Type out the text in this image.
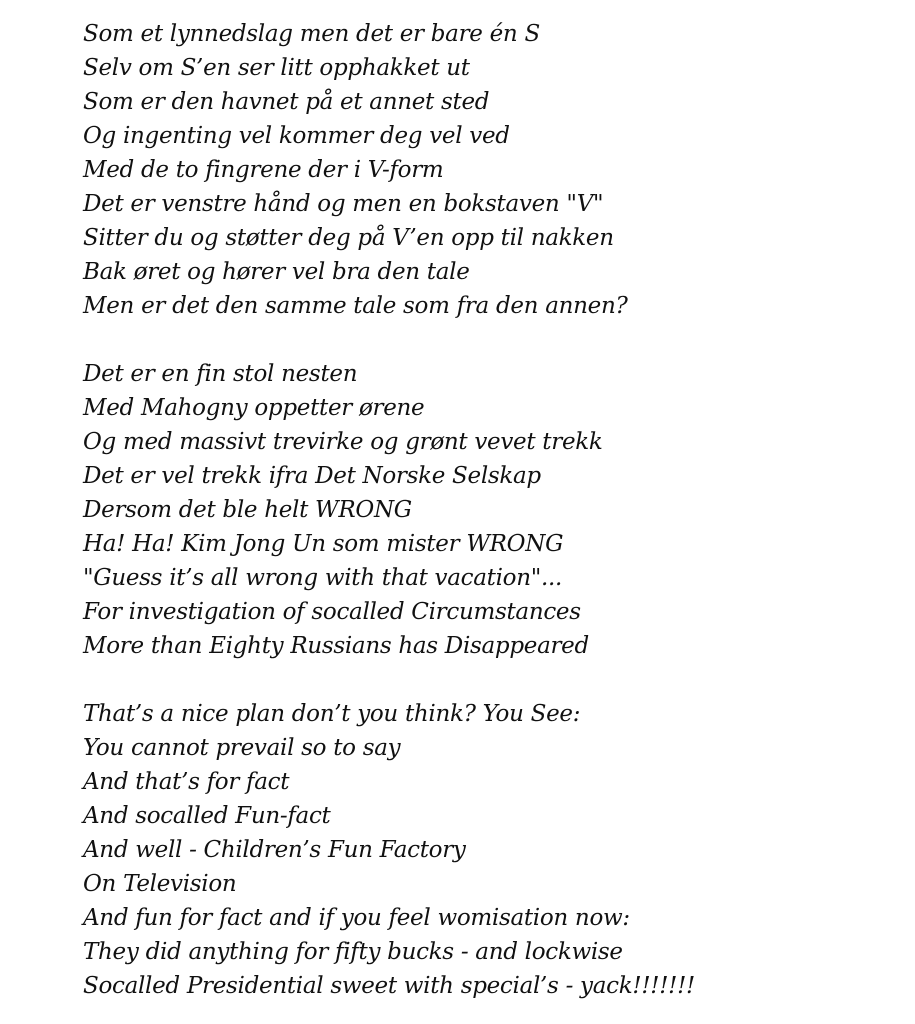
Som et lynnedslag men det er bare én S
Selv om S’en ser litt opphakket ut
Som er den havnet på et annet sted
Og ingenting vel kommer deg vel ved
Med de to fingrene der i V-form
Det er venstre hånd og men en bokstaven "V"
Sitter du og støtter deg på V’en opp til nakken
Bak øret og hører vel bra den tale
Men er det den samme tale som fra den annen?
Det er en fin stol nesten
Med Mahogny oppetter ørene
Og med massivt trevirke og grønt vevet trekk
Det er vel trekk ifra Det Norske Selskap
Dersom det ble helt WRONG
Ha! Ha! Kim Jong Un som mister WRONG
"Guess it’s all wrong with that vacation"...
For investigation of socalled Circumstances
More than Eighty Russians has Disappeared
That’s a nice plan don’t you think? You See:
You cannot prevail so to say
And that’s for fact
And socalled Fun-fact
And well - Children’s Fun Factory
On Television
And fun for fact and if you feel womisation now:
They did anything for fifty bucks - and lockwise
Socalled Presidential sweet with special’s - yack!!!!!!!
